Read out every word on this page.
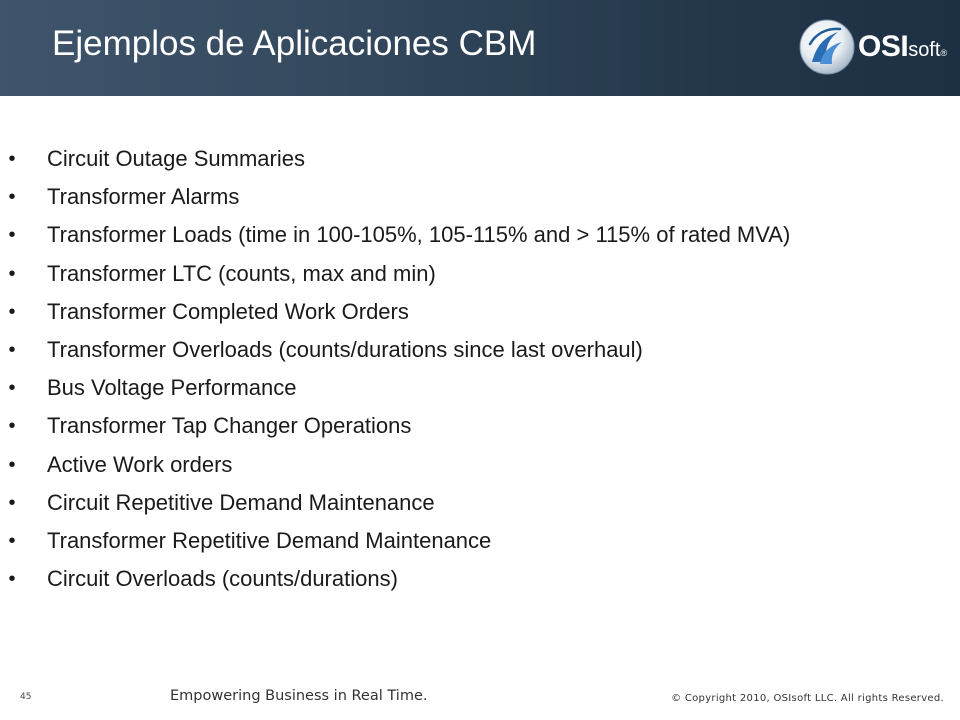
Ejemplos de Aplicaciones CBM	OSIsoft®
• Circuit Outage Summaries
• Transformer Alarms
• Transformer Loads (time in 100-105%, 105-115% and > 115% of rated MVA)
• Transformer LTC (counts, max and min)
• Transformer Completed Work Orders
• Transformer Overloads (counts/durations since last overhaul)
• Bus Voltage Performance
• Transformer Tap Changer Operations
• Active Work orders
• Circuit Repetitive Demand Maintenance
• Transformer Repetitive Demand Maintenance
• Circuit Overloads (counts/durations)
45	Empowering Business in Real Time.	© Copyright 2010, OSIsoft LLC. All rights Reserved.
